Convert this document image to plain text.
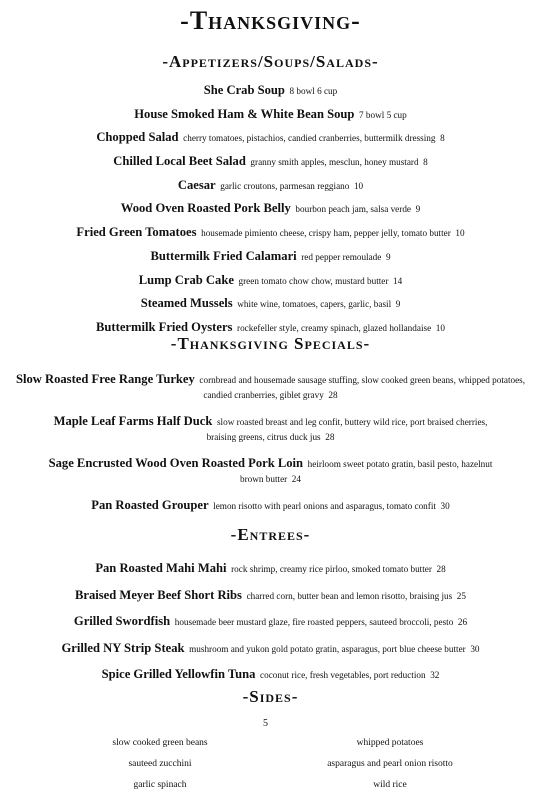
-Thanksgiving-
-Appetizers/Soups/Salads-
She Crab Soup  8 bowl 6 cup
House Smoked Ham & White Bean Soup  7 bowl 5 cup
Chopped Salad  cherry tomatoes, pistachios, candied cranberries, buttermilk dressing  8
Chilled Local Beet Salad  granny smith apples, mesclun, honey mustard  8
Caesar  garlic croutons, parmesan reggiano  10
Wood Oven Roasted Pork Belly  bourbon peach jam, salsa verde  9
Fried Green Tomatoes  housemade pimiento cheese, crispy ham, pepper jelly, tomato butter  10
Buttermilk Fried Calamari  red pepper remoulade  9
Lump Crab Cake  green tomato chow chow, mustard butter  14
Steamed Mussels  white wine, tomatoes, capers, garlic, basil  9
Buttermilk Fried Oysters  rockefeller style, creamy spinach, glazed hollandaise  10
-Thanksgiving Specials-
Slow Roasted Free Range Turkey  cornbread and housemade sausage stuffing, slow cooked green beans, whipped potatoes, candied cranberries, giblet gravy  28
Maple Leaf Farms Half Duck  slow roasted breast and leg confit, buttery wild rice, port braised cherries, braising greens, citrus duck jus  28
Sage Encrusted Wood Oven Roasted Pork Loin  heirloom sweet potato gratin, basil pesto, hazelnut brown butter  24
Pan Roasted Grouper  lemon risotto with pearl onions and asparagus, tomato confit  30
-Entrees-
Pan Roasted Mahi Mahi  rock shrimp, creamy rice pirloo, smoked tomato butter  28
Braised Meyer Beef Short Ribs  charred corn, butter bean and lemon risotto, braising jus  25
Grilled Swordfish  housemade beer mustard glaze, fire roasted peppers, sauteed broccoli, pesto  26
Grilled NY Strip Steak  mushroom and yukon gold potato gratin, asparagus, port blue cheese butter  30
Spice Grilled Yellowfin Tuna  coconut rice, fresh vegetables, port reduction  32
-Sides-
5
slow cooked green beans	whipped potatoes
sauteed zucchini	asparagus and pearl onion risotto
garlic spinach	wild rice
